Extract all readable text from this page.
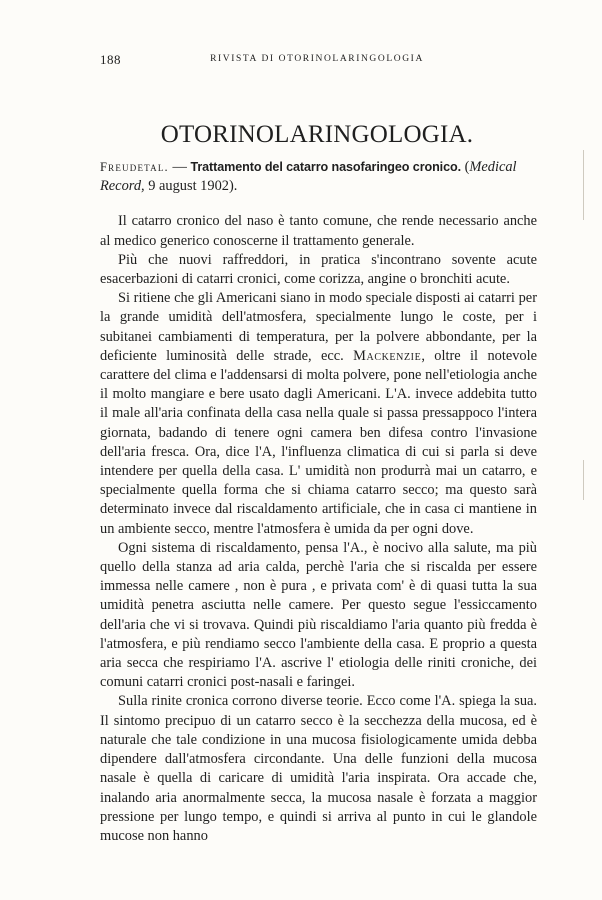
188	RIVISTA DI OTORINOLARINGOLOGIA
OTORINOLARINGOLOGIA.

Freudetal. — Trattamento del catarro nasofaringeo cronico. (Medical Record, 9 august 1902).

Il catarro cronico del naso è tanto comune, che rende necessario anche al medico generico conoscerne il trattamento generale.

Più che nuovi raffreddori, in pratica s'incontrano sovente acute esacerbazioni di catarri cronici, come corizza, angine o bronchiti acute.

Si ritiene che gli Americani siano in modo speciale disposti ai catarri per la grande umidità dell'atmosfera, specialmente lungo le coste, per i subitanei cambiamenti di temperatura, per la polvere abbondante, per la deficiente luminosità delle strade, ecc. Mackenzie, oltre il notevole carattere del clima e l'addensarsi di molta polvere, pone nell'etiologia anche il molto mangiare e bere usato dagli Americani. L'A. invece addebita tutto il male all'aria confinata della casa nella quale si passa pressappoco l'intera giornata, badando di tenere ogni camera ben difesa contro l'invasione dell'aria fresca. Ora, dice l'A, l'influenza climatica di cui si parla si deve intendere per quella della casa. L' umidità non produrrà mai un catarro, e specialmente quella forma che si chiama catarro secco; ma questo sarà determinato invece dal riscaldamento artificiale, che in casa ci mantiene in un ambiente secco, mentre l'atmosfera è umida da per ogni dove.

Ogni sistema di riscaldamento, pensa l'A., è nocivo alla salute, ma più quello della stanza ad aria calda, perchè l'aria che si riscalda per essere immessa nelle camere , non è pura , e privata com' è di quasi tutta la sua umidità penetra asciutta nelle camere. Per questo segue l'essiccamento dell'aria che vi si trovava. Quindi più riscaldiamo l'aria quanto più fredda è l'atmosfera, e più rendiamo secco l'ambiente della casa. E proprio a questa aria secca che respiriamo l'A. ascrive l' etiologia delle riniti croniche, dei comuni catarri cronici post-nasali e faringei.

Sulla rinite cronica corrono diverse teorie. Ecco come l'A. spiega la sua. Il sintomo precipuo di un catarro secco è la secchezza della mucosa, ed è naturale che tale condizione in una mucosa fisiologicamente umida debba dipendere dall'atmosfera circondante. Una delle funzioni della mucosa nasale è quella di caricare di umidità l'aria inspirata. Ora accade che, inalando aria anormalmente secca, la mucosa nasale è forzata a maggior pressione per lungo tempo, e quindi si arriva al punto in cui le glandole mucose non hanno
